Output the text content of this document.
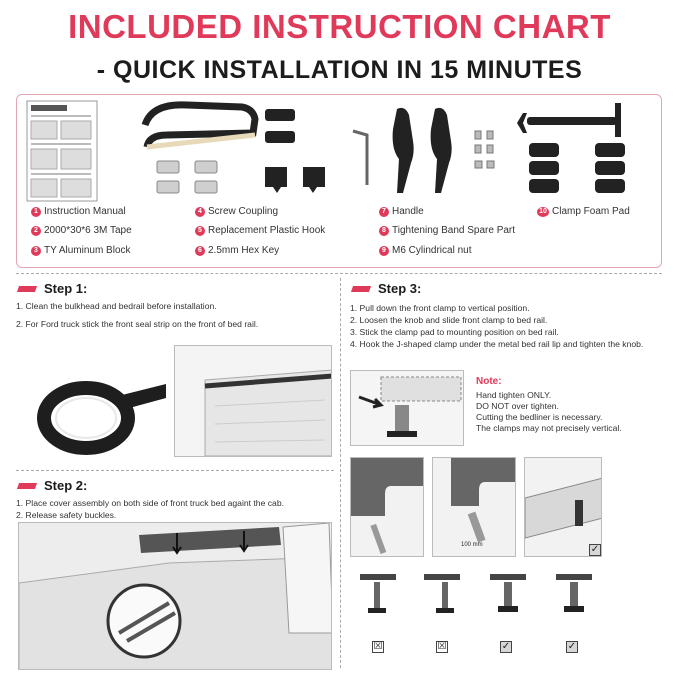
INCLUDED INSTRUCTION CHART
- QUICK INSTALLATION IN 15 MINUTES
1 Instruction Manual
2 2000*30*6 3M Tape
3 TY Aluminum Block
4 Screw Coupling
5 Replacement Plastic Hook
6 2.5mm Hex Key
7 Handle
8 Tightening Band Spare Part
9 M6 Cylindrical nut
10 Clamp Foam Pad
Step 1:
1. Clean the bulkhead and bedrail before installation.
2. For Ford truck stick the front seal strip on the front of bed rail.
Step 2:
1. Place cover assembly on both side of front truck bed againt the cab.
2. Release safety buckles.
Step 3:
1. Pull down the front clamp to vertical position.
2. Loosen the knob and slide front clamp to bed rail.
3. Stick the clamp pad to mounting position on bed rail.
4. Hook the J-shaped clamp under the metal bed rail lip and tighten the knob.
Note:
Hand tighten ONLY.
DO NOT over tighten.
Cutting the bedliner is necessary.
The clamps may not precisely vertical.
100 mm	✓
☒	☒	✓	✓
